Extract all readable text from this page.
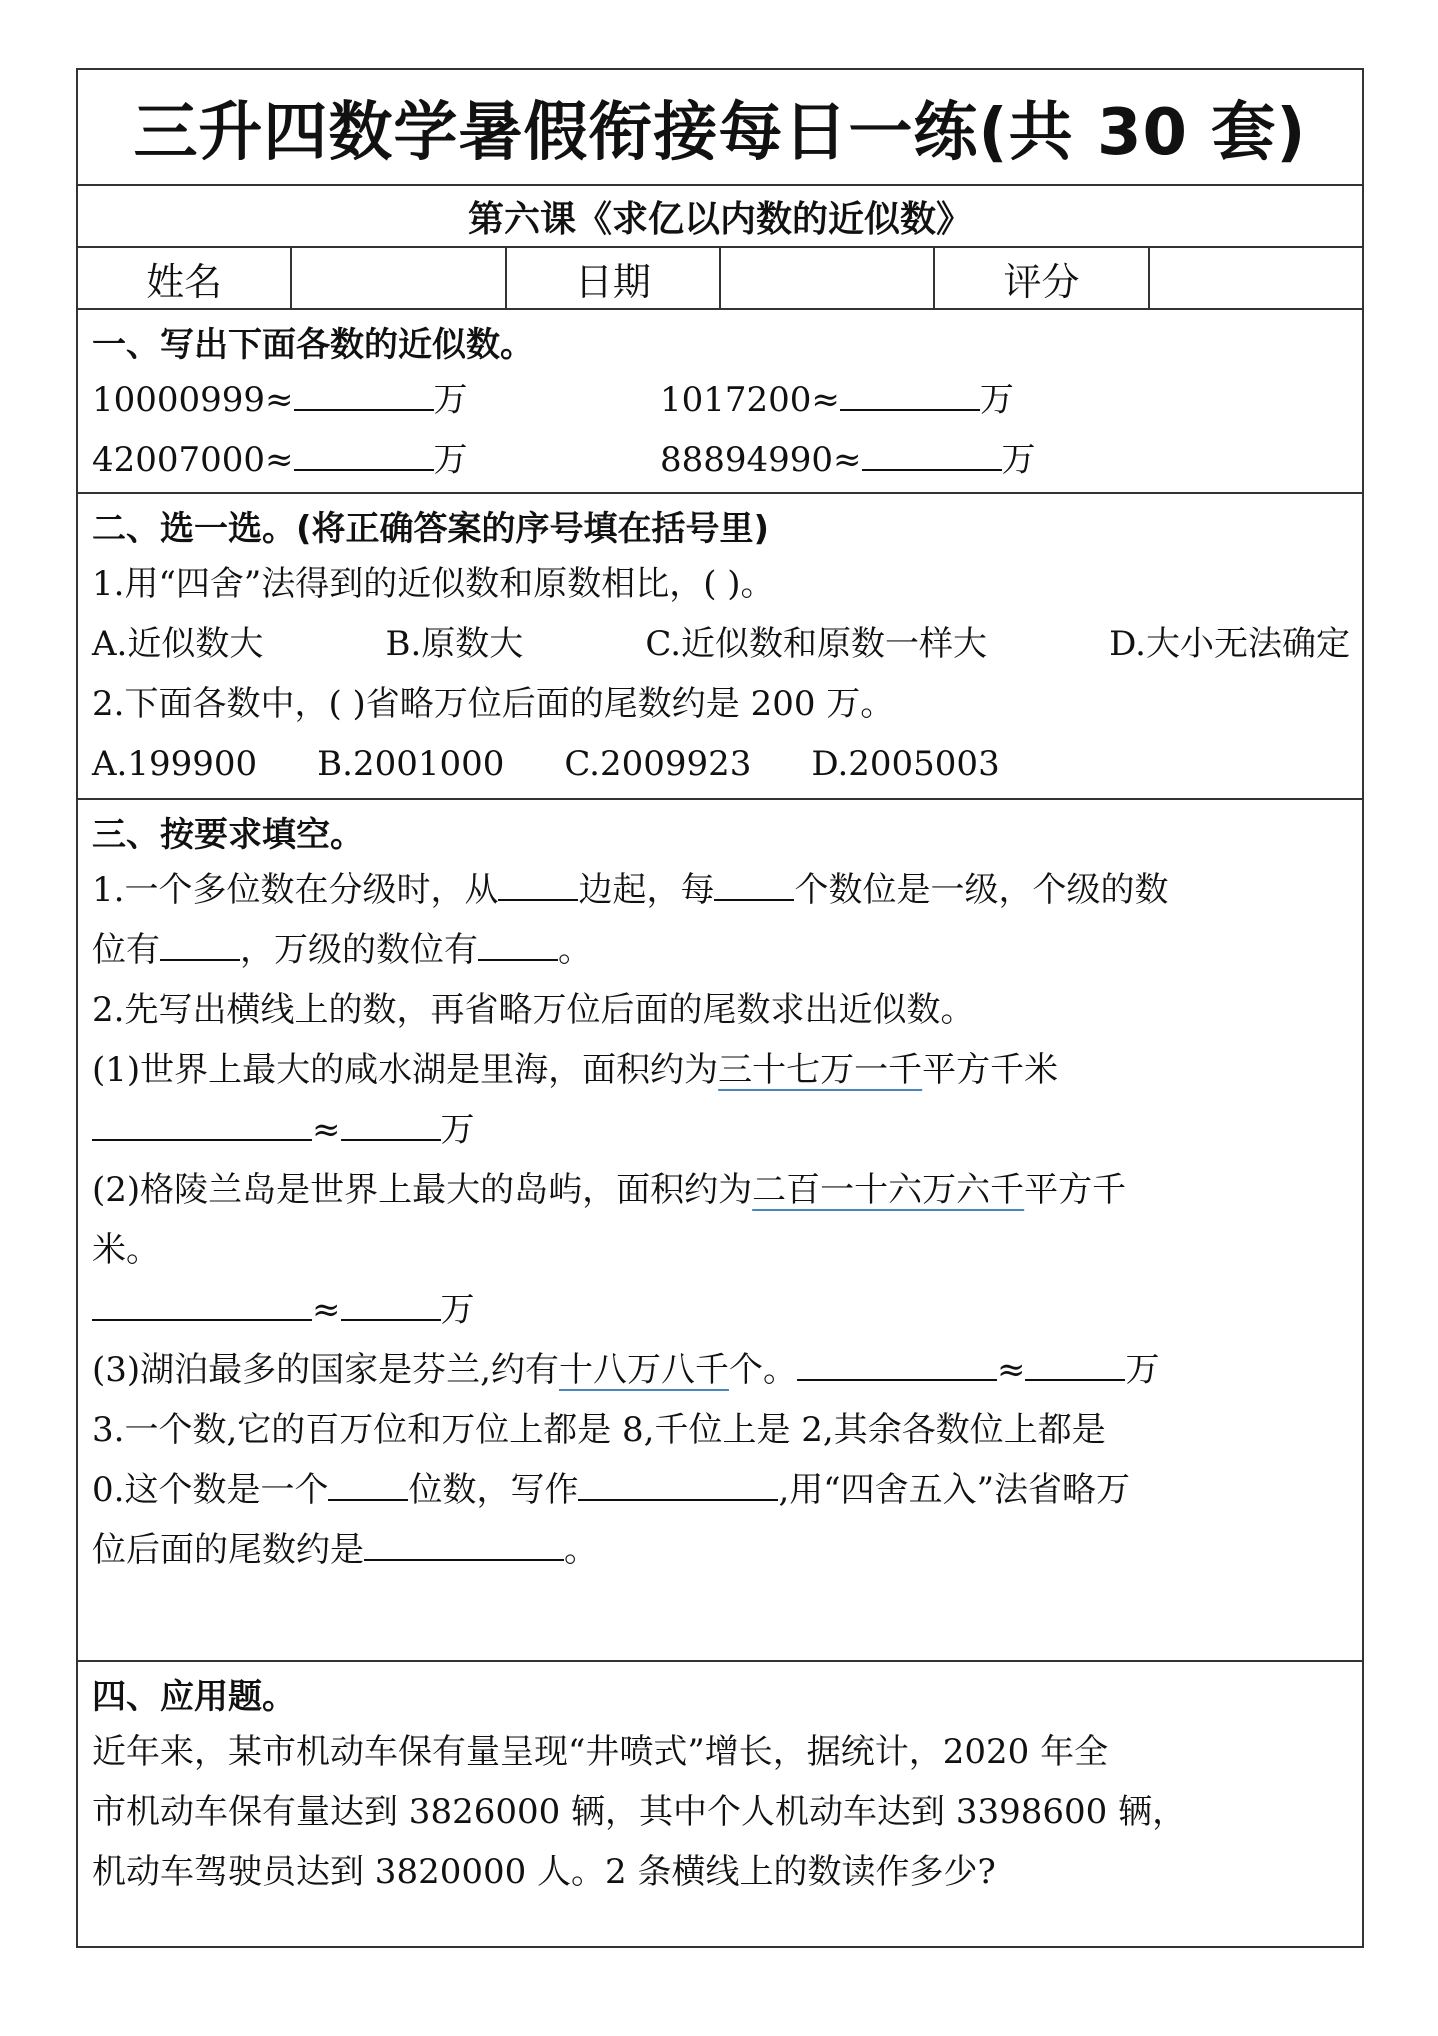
三升四数学暑假衔接每日一练(共 30 套)
第六课《求亿以内数的近似数》
姓名	日期	评分
一、写出下面各数的近似数。
10000999≈	万	1017200≈	万
42007000≈	万	88894990≈	万
二、选一选。(将正确答案的序号填在括号里)
1.用“四舍”法得到的近似数和原数相比，( )。
A.近似数大	B.原数大	C.近似数和原数一样大	D.大小无法确定
2.下面各数中，( )省略万位后面的尾数约是 200 万。
A.199900 B.2001000 C.2009923 D.2005003
三、按要求填空。
1.一个多位数在分级时，从 边起，每 个数位是一级，个级的数
位有 ，万级的数位有 。
2.先写出横线上的数，再省略万位后面的尾数求出近似数。
(1)世界上最大的咸水湖是里海，面积约为三十七万一千平方千米
≈	万
(2)格陵兰岛是世界上最大的岛屿，面积约为二百一十六万六千平方千
米。
≈	万
(3)湖泊最多的国家是芬兰,约有十八万八千个。	≈	万
3.一个数,它的百万位和万位上都是 8,千位上是 2,其余各数位上都是
0.这个数是一个 位数，写作	,用“四舍五入”法省略万
位后面的尾数约是	。
四、应用题。
近年来，某市机动车保有量呈现“井喷式”增长，据统计，2020 年全
市机动车保有量达到 3826000 辆，其中个人机动车达到 3398600 辆，
机动车驾驶员达到 3820000 人。2 条横线上的数读作多少?
